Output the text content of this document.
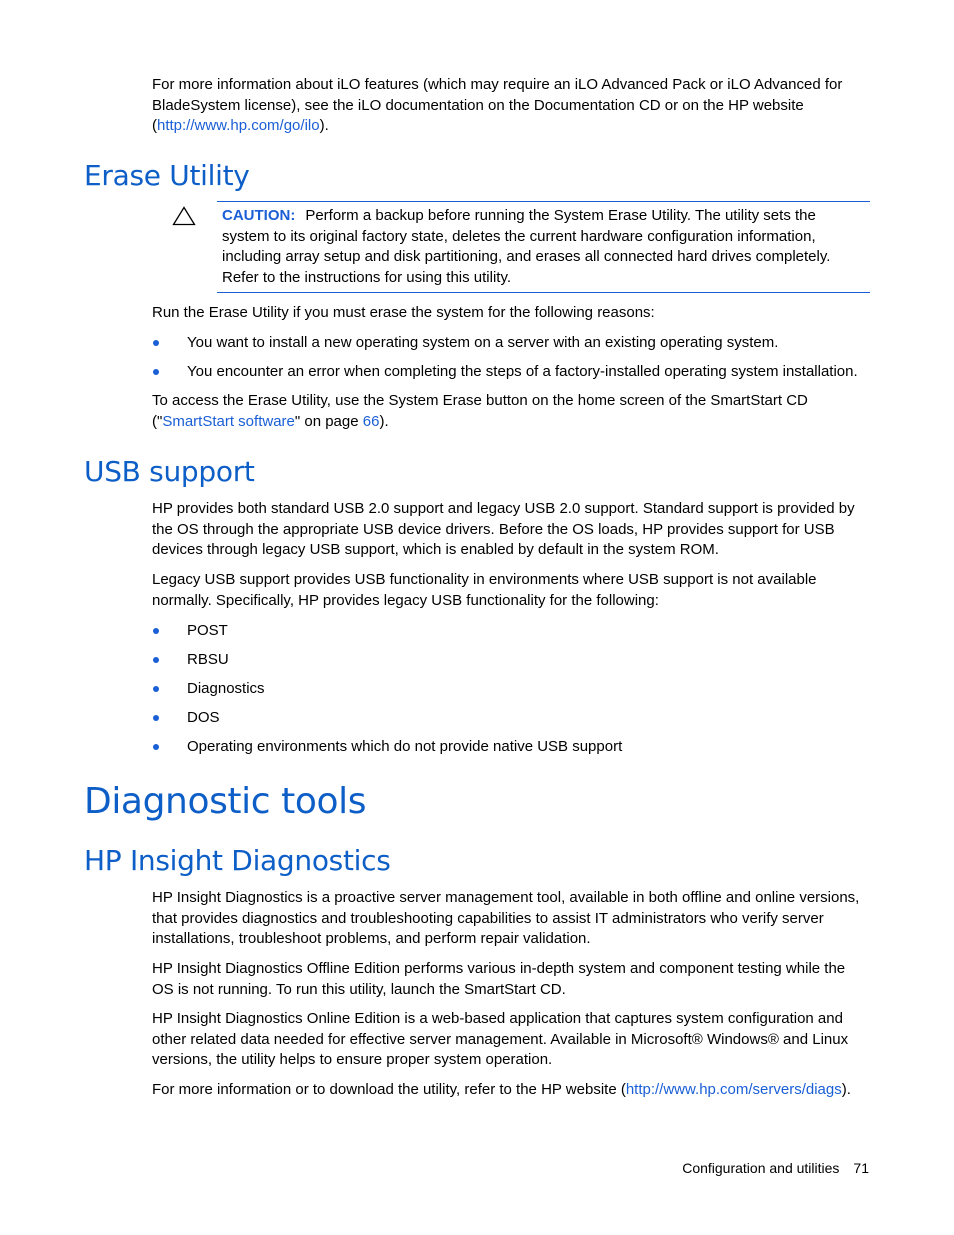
For more information about iLO features (which may require an iLO Advanced Pack or iLO Advanced for BladeSystem license), see the iLO documentation on the Documentation CD or on the HP website (http://www.hp.com/go/ilo).

Erase Utility

CAUTION: Perform a backup before running the System Erase Utility. The utility sets the system to its original factory state, deletes the current hardware configuration information, including array setup and disk partitioning, and erases all connected hard drives completely. Refer to the instructions for using this utility.

Run the Erase Utility if you must erase the system for the following reasons:

You want to install a new operating system on a server with an existing operating system.
You encounter an error when completing the steps of a factory-installed operating system installation.

To access the Erase Utility, use the System Erase button on the home screen of the SmartStart CD ("SmartStart software" on page 66).

USB support

HP provides both standard USB 2.0 support and legacy USB 2.0 support. Standard support is provided by the OS through the appropriate USB device drivers. Before the OS loads, HP provides support for USB devices through legacy USB support, which is enabled by default in the system ROM.

Legacy USB support provides USB functionality in environments where USB support is not available normally. Specifically, HP provides legacy USB functionality for the following:

POST
RBSU
Diagnostics
DOS
Operating environments which do not provide native USB support
Diagnostic tools
HP Insight Diagnostics

HP Insight Diagnostics is a proactive server management tool, available in both offline and online versions, that provides diagnostics and troubleshooting capabilities to assist IT administrators who verify server installations, troubleshoot problems, and perform repair validation.

HP Insight Diagnostics Offline Edition performs various in-depth system and component testing while the OS is not running. To run this utility, launch the SmartStart CD.

HP Insight Diagnostics Online Edition is a web-based application that captures system configuration and other related data needed for effective server management. Available in Microsoft® Windows® and Linux versions, the utility helps to ensure proper system operation.

For more information or to download the utility, refer to the HP website (http://www.hp.com/servers/diags).

Configuration and utilities 71
